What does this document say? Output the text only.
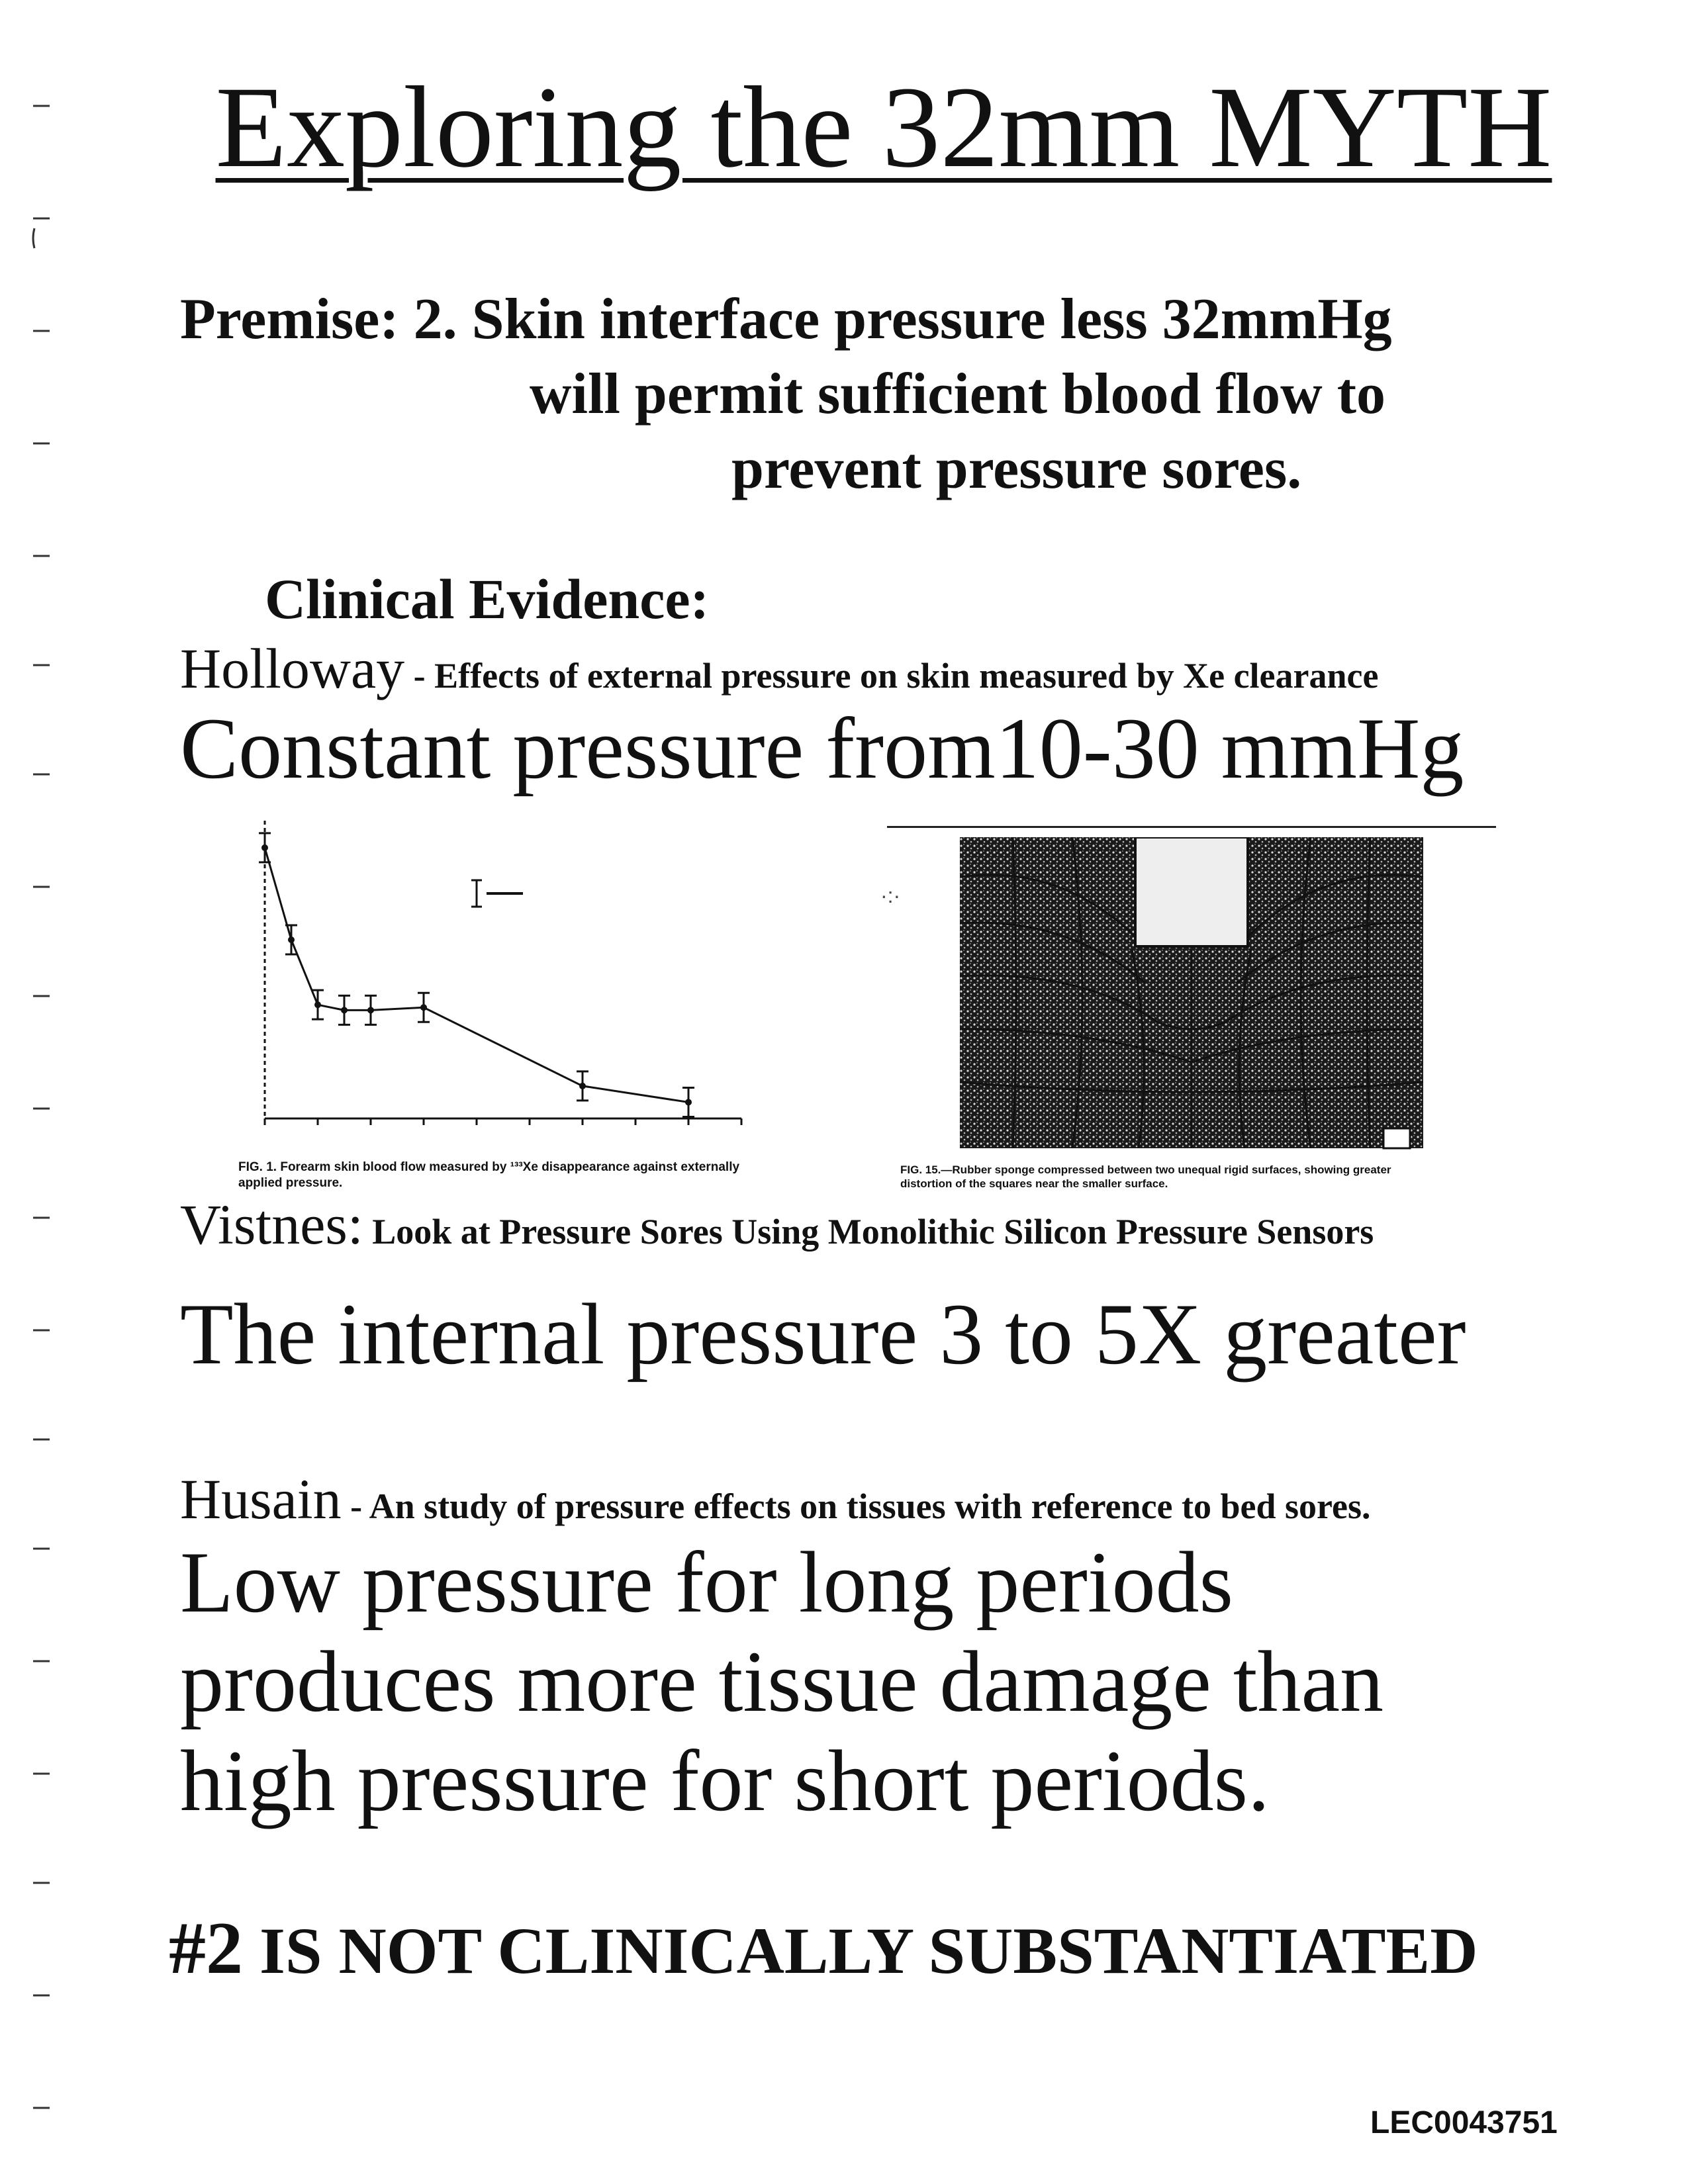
Exploring the 32mm MYTH
Premise: 2. Skin interface pressure less 32mmHg
will permit sufficient blood flow to
prevent pressure sores.
Clinical Evidence:
Holloway - Effects of external pressure on skin measured by Xe clearance
Constant pressure from10-30 mmHg
FIG. 1. Forearm skin blood flow measured by ¹³³Xe disappearance against externally applied pressure.
·:·
FIG. 15.—Rubber sponge compressed between two unequal rigid surfaces, showing greater distortion of the squares near the smaller surface.
Vistnes: Look at Pressure Sores Using Monolithic Silicon Pressure Sensors
The internal pressure 3 to 5X greater
Husain - An study of pressure effects on tissues with reference to bed sores.
Low pressure for long periods
produces more tissue damage than
high pressure for short periods.
#2 IS NOT CLINICALLY SUBSTANTIATED
LEC0043751
